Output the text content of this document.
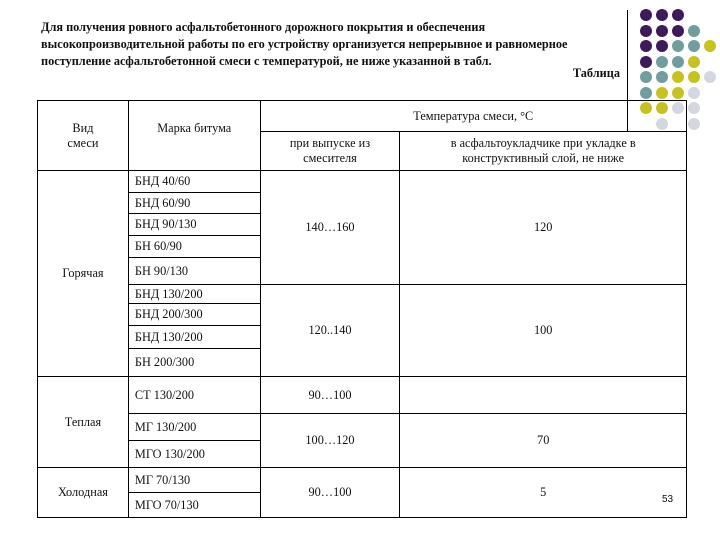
Для получения ровного асфальтобетонного дорожного покрытия и обеспечения высокопроизводительной работы по его устройству организуется непрерывное и равномерное поступление асфальтобетонной смеси с температурой, не ниже указанной в табл.
Таблица
Вид смеси	Марка битума	Температура смеси, °С	
		при выпуске из смесителя	в асфальтоукладчике при укладке в конструктивный слой, не ниже
Горячая	БНД 40/60	140…160	120
	БНД 60/90		
	БНД 90/130		
	БН 60/90		
	БН 90/130		
	БНД 130/200	120..140	100
	БНД 200/300		
	БНД 130/200		
	БН 200/300		
Теплая	СТ 130/200	90…100	
	МГ 130/200	100…120	70
	МГО 130/200		
Холодная	МГ 70/130	90…100	5
	МГО 70/130			53
